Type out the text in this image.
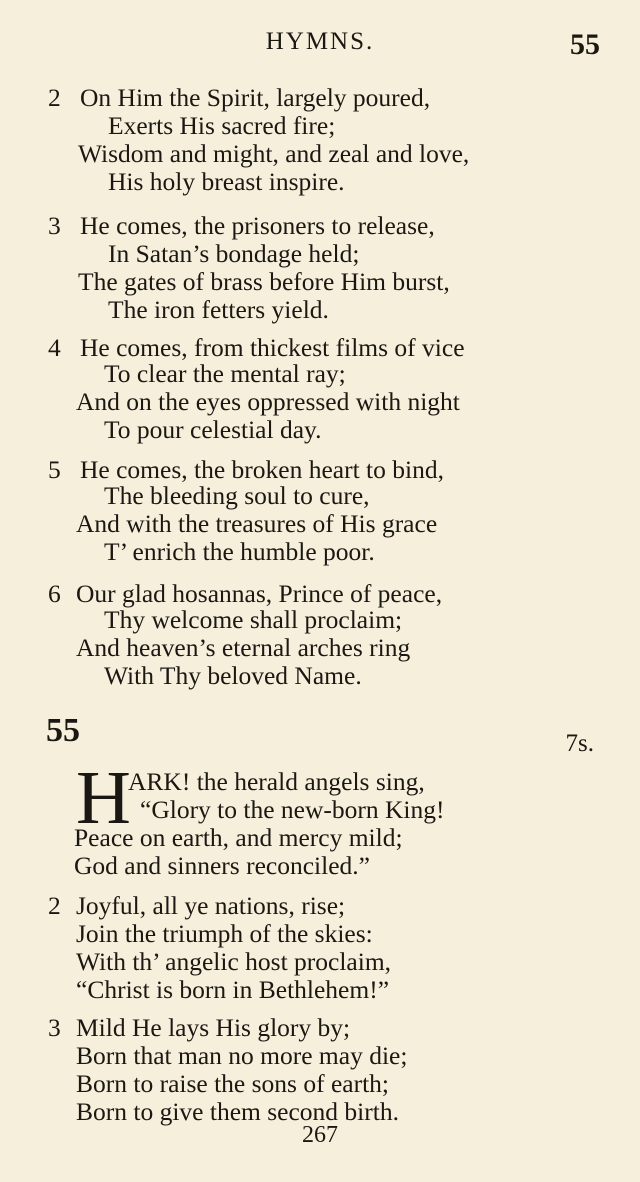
HYMNS.	55
2 On Him the Spirit, largely poured,
Exerts His sacred fire;
Wisdom and might, and zeal and love,
His holy breast inspire.
3 He comes, the prisoners to release,
In Satan’s bondage held;
The gates of brass before Him burst,
The iron fetters yield.
4 He comes, from thickest films of vice
To clear the mental ray;
And on the eyes oppressed with night
To pour celestial day.
5 He comes, the broken heart to bind,
The bleeding soul to cure,
And with the treasures of His grace
T’ enrich the humble poor.
6 Our glad hosannas, Prince of peace,
Thy welcome shall proclaim;
And heaven’s eternal arches ring
With Thy beloved Name.
55	7s.
H
ARK! the herald angels sing,
“Glory to the new-born King!
Peace on earth, and mercy mild;
God and sinners reconciled.”
2 Joyful, all ye nations, rise;
Join the triumph of the skies:
With th’ angelic host proclaim,
“Christ is born in Bethlehem!”
3 Mild He lays His glory by;
Born that man no more may die;
Born to raise the sons of earth;
Born to give them second birth.
267
